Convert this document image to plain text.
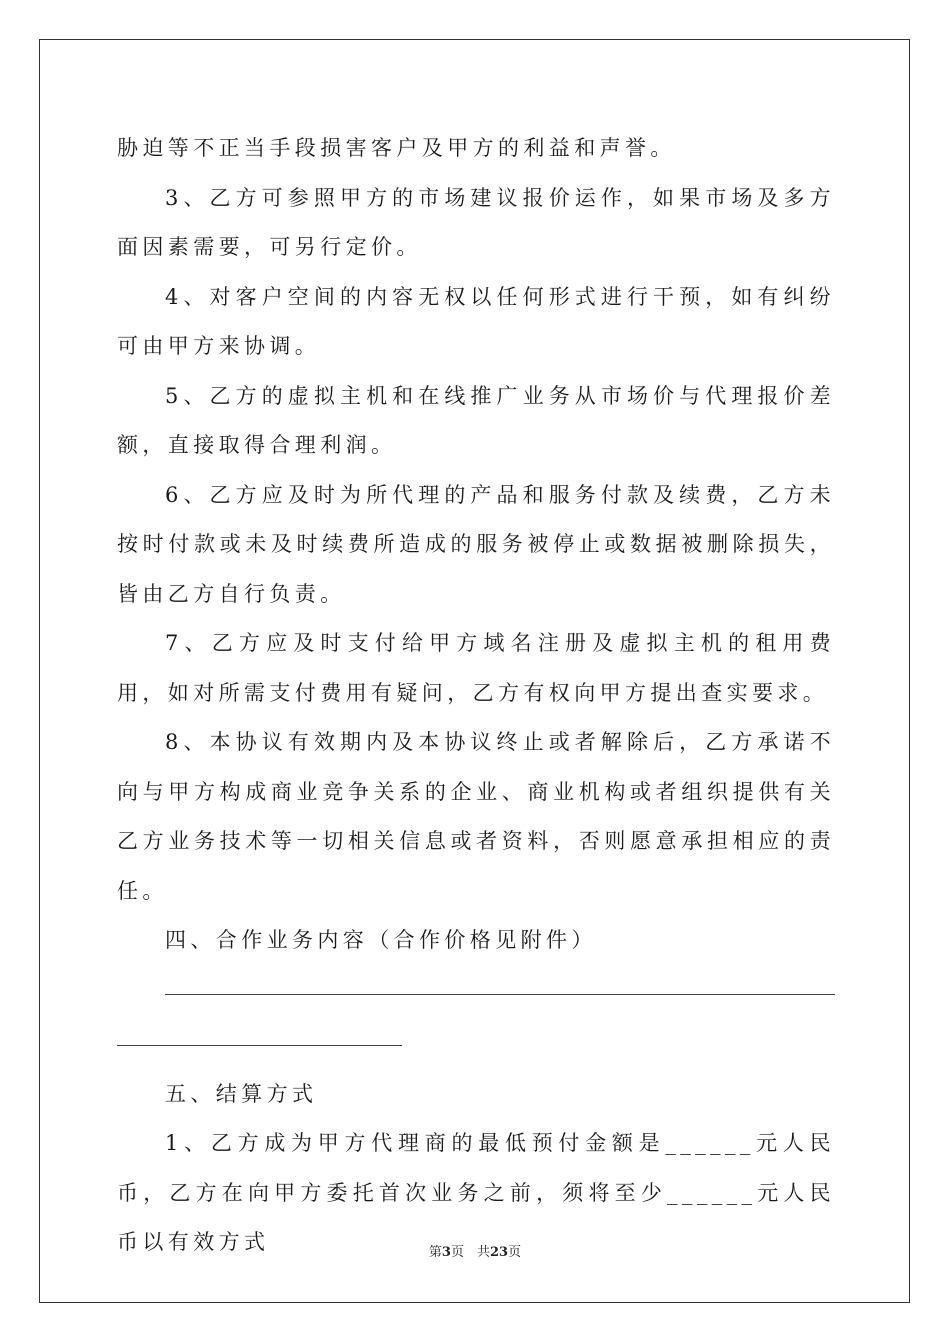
胁迫等不正当手段损害客户及甲方的利益和声誉。

3、乙方可参照甲方的市场建议报价运作，如果市场及多方面因素需要，可另行定价。

4、对客户空间的内容无权以任何形式进行干预，如有纠纷可由甲方来协调。

5、乙方的虚拟主机和在线推广业务从市场价与代理报价差额，直接取得合理利润。

6、乙方应及时为所代理的产品和服务付款及续费，乙方未按时付款或未及时续费所造成的服务被停止或数据被删除损失，皆由乙方自行负责。

7、乙方应及时支付给甲方域名注册及虚拟主机的租用费用，如对所需支付费用有疑问，乙方有权向甲方提出查实要求。

8、本协议有效期内及本协议终止或者解除后，乙方承诺不向与甲方构成商业竞争关系的企业、商业机构或者组织提供有关乙方业务技术等一切相关信息或者资料，否则愿意承担相应的责任。

四、合作业务内容（合作价格见附件）

五、结算方式

1、乙方成为甲方代理商的最低预付金额是______元人民币，乙方在向甲方委托首次业务之前，须将至少______元人民币以有效方式	第3页　共23页
